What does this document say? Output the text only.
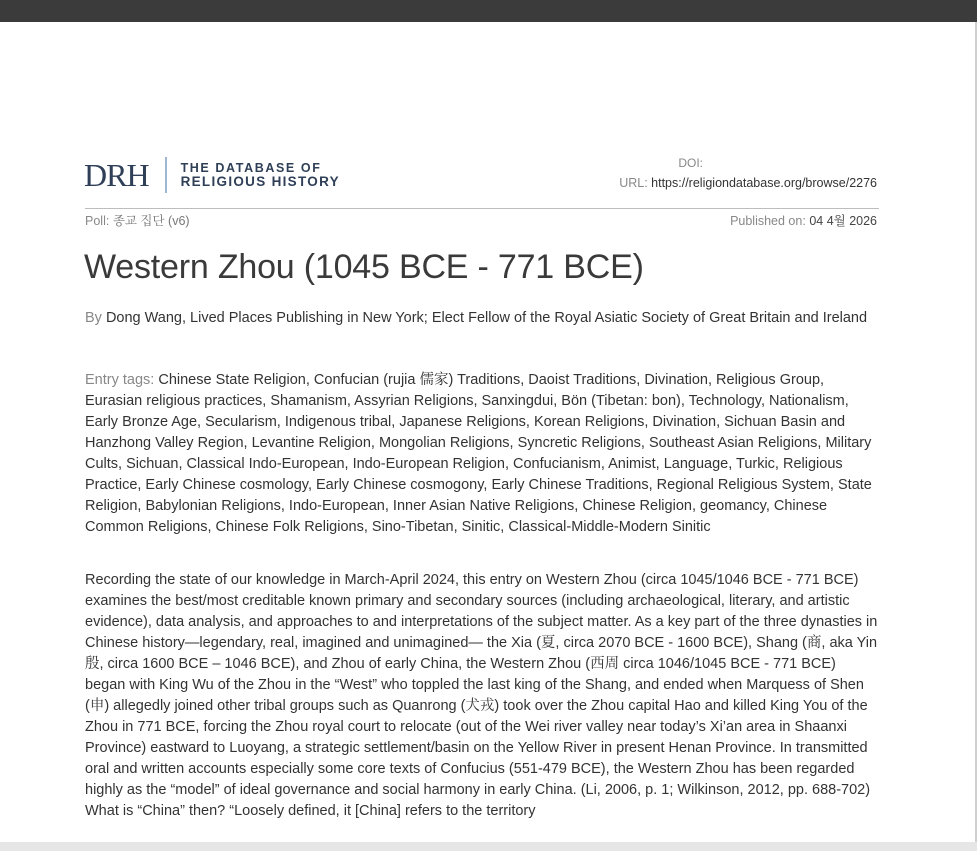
DRH	THE DATABASE OF
RELIGIOUS HISTORY
DOI:
URL: https://religiondatabase.org/browse/2276
Poll: 종교 집단 (v6)	Published on: 04 4월 2026
Western Zhou (1045 BCE - 771 BCE)
By Dong Wang, Lived Places Publishing in New York; Elect Fellow of the Royal Asiatic Society of Great Britain and Ireland
Entry tags: Chinese State Religion, Confucian (rujia 儒家) Traditions, Daoist Traditions, Divination, Religious Group, Eurasian religious practices, Shamanism, Assyrian Religions, Sanxingdui, Bön (Tibetan: bon), Technology, Nationalism, Early Bronze Age, Secularism, Indigenous tribal, Japanese Religions, Korean Religions, Divination, Sichuan Basin and Hanzhong Valley Region, Levantine Religion, Mongolian Religions, Syncretic Religions, Southeast Asian Religions, Military Cults, Sichuan, Classical Indo-European, Indo-European Religion, Confucianism, Animist, Language, Turkic, Religious Practice, Early Chinese cosmology, Early Chinese cosmogony, Early Chinese Traditions, Regional Religious System, State Religion, Babylonian Religions, Indo-European, Inner Asian Native Religions, Chinese Religion, geomancy, Chinese Common Religions, Chinese Folk Religions, Sino-Tibetan, Sinitic, Classical-Middle-Modern Sinitic
Recording the state of our knowledge in March-April 2024, this entry on Western Zhou (circa 1045/1046 BCE - 771 BCE) examines the best/most creditable known primary and secondary sources (including archaeological, literary, and artistic evidence), data analysis, and approaches to and interpretations of the subject matter. As a key part of the three dynasties in Chinese history—legendary, real, imagined and unimagined— the Xia (夏, circa 2070 BCE - 1600 BCE), Shang (商, aka Yin 殷, circa 1600 BCE – 1046 BCE), and Zhou of early China, the Western Zhou (西周 circa 1046/1045 BCE - 771 BCE) began with King Wu of the Zhou in the “West” who toppled the last king of the Shang, and ended when Marquess of Shen (申) allegedly joined other tribal groups such as Quanrong (犬戎) took over the Zhou capital Hao and killed King You of the Zhou in 771 BCE, forcing the Zhou royal court to relocate (out of the Wei river valley near today’s Xi’an area in Shaanxi Province) eastward to Luoyang, a strategic settlement/basin on the Yellow River in present Henan Province. In transmitted oral and written accounts especially some core texts of Confucius (551-479 BCE), the Western Zhou has been regarded highly as the “model” of ideal governance and social harmony in early China. (Li, 2006, p. 1; Wilkinson, 2012, pp. 688-702) What is “China” then? “Loosely defined, it [China] refers to the territory
